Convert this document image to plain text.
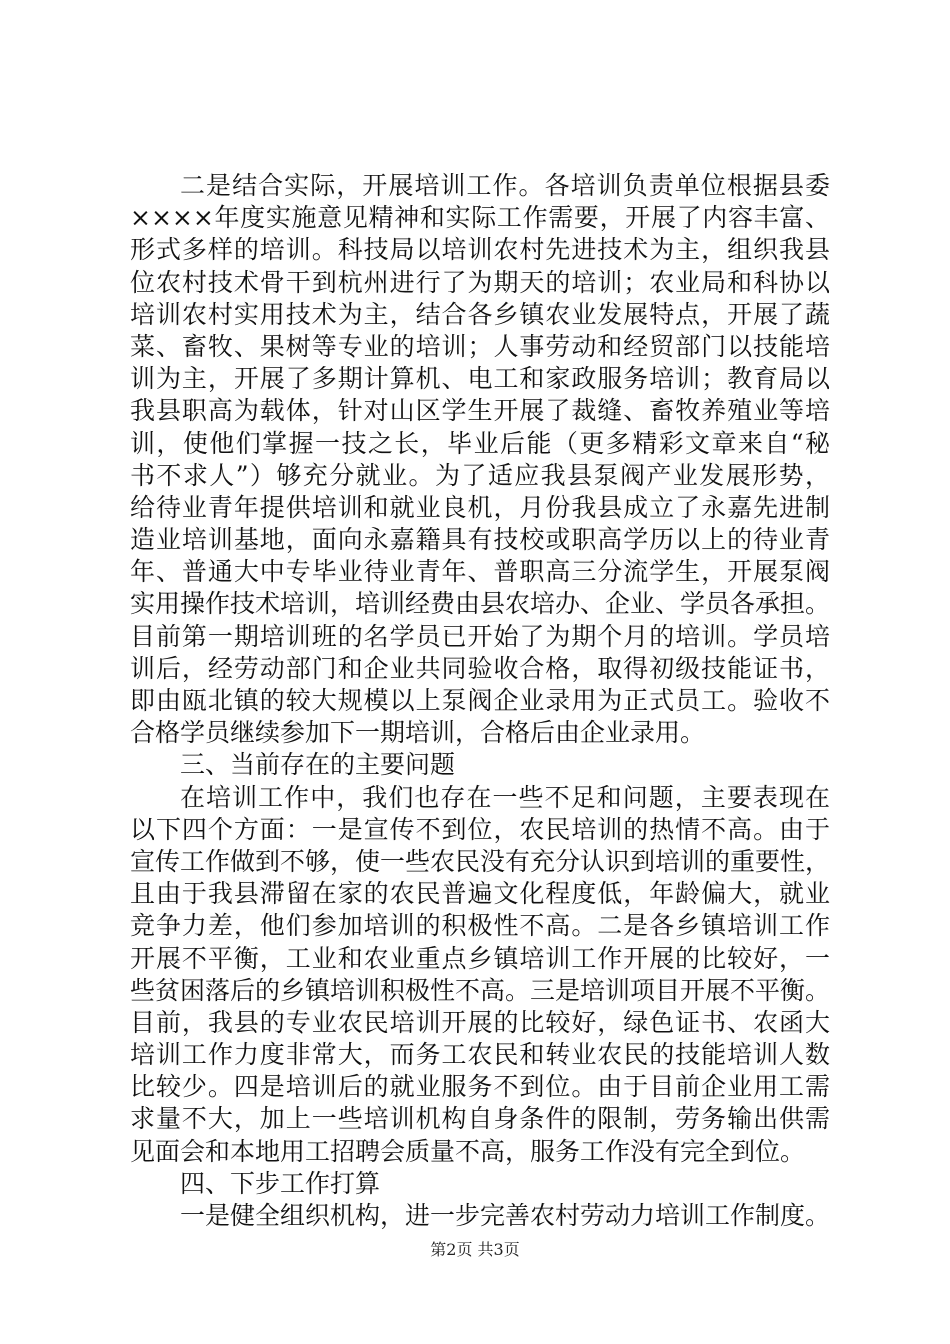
二是结合实际，开展培训工作。各培训负责单位根据县委
××××年度实施意见精神和实际工作需要，开展了内容丰富、
形式多样的培训。科技局以培训农村先进技术为主，组织我县
位农村技术骨干到杭州进行了为期天的培训；农业局和科协以
培训农村实用技术为主，结合各乡镇农业发展特点，开展了蔬
菜、畜牧、果树等专业的培训；人事劳动和经贸部门以技能培
训为主，开展了多期计算机、电工和家政服务培训；教育局以
我县职高为载体，针对山区学生开展了裁缝、畜牧养殖业等培
训，使他们掌握一技之长，毕业后能（更多精彩文章来自“秘
书不求人”）够充分就业。为了适应我县泵阀产业发展形势，
给待业青年提供培训和就业良机，月份我县成立了永嘉先进制
造业培训基地，面向永嘉籍具有技校或职高学历以上的待业青
年、普通大中专毕业待业青年、普职高三分流学生，开展泵阀
实用操作技术培训，培训经费由县农培办、企业、学员各承担。
目前第一期培训班的名学员已开始了为期个月的培训。学员培
训后，经劳动部门和企业共同验收合格，取得初级技能证书，
即由瓯北镇的较大规模以上泵阀企业录用为正式员工。验收不
合格学员继续参加下一期培训，合格后由企业录用。
三、当前存在的主要问题
在培训工作中，我们也存在一些不足和问题，主要表现在
以下四个方面：一是宣传不到位，农民培训的热情不高。由于
宣传工作做到不够，使一些农民没有充分认识到培训的重要性，
且由于我县滞留在家的农民普遍文化程度低，年龄偏大，就业
竞争力差，他们参加培训的积极性不高。二是各乡镇培训工作
开展不平衡，工业和农业重点乡镇培训工作开展的比较好，一
些贫困落后的乡镇培训积极性不高。三是培训项目开展不平衡。
目前，我县的专业农民培训开展的比较好，绿色证书、农函大
培训工作力度非常大，而务工农民和转业农民的技能培训人数
比较少。四是培训后的就业服务不到位。由于目前企业用工需
求量不大，加上一些培训机构自身条件的限制，劳务输出供需
见面会和本地用工招聘会质量不高，服务工作没有完全到位。
四、下步工作打算
一是健全组织机构，进一步完善农村劳动力培训工作制度。
第2页 共3页
